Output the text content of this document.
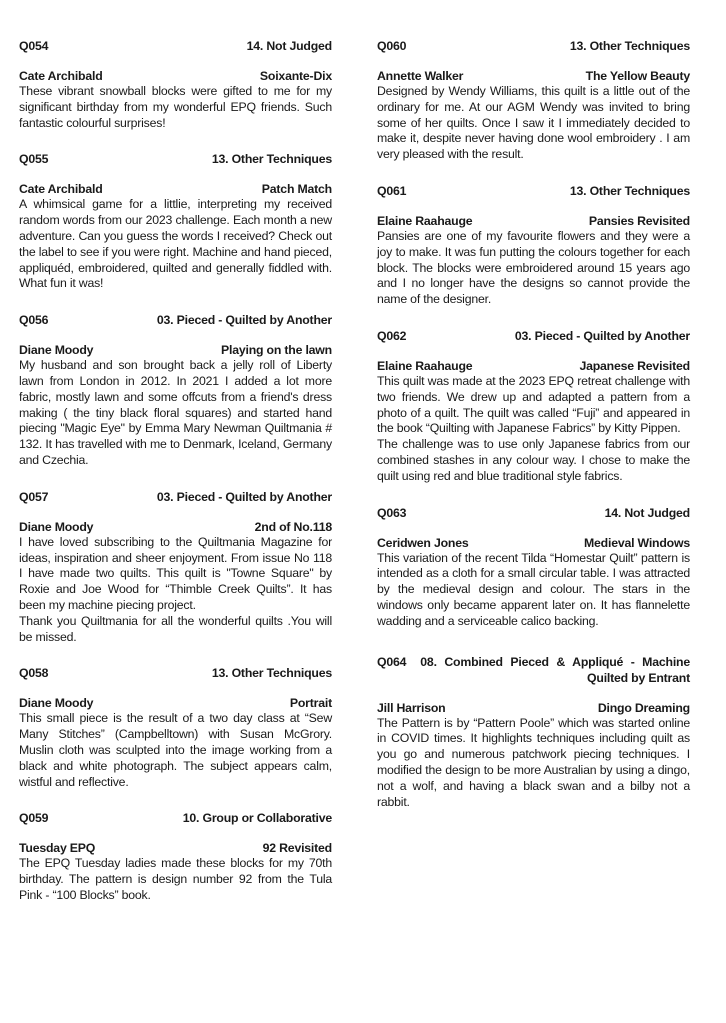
Q054	14. Not Judged
Cate Archibald	Soixante-Dix

These vibrant snowball blocks were gifted to me for my significant birthday from my wonderful EPQ friends. Such fantastic colourful surprises!

Q055	13. Other Techniques
Cate Archibald	Patch Match

A whimsical game for a littlie, interpreting my received random words from our 2023 challenge. Each month a new adventure. Can you guess the words I received? Check out the label to see if you were right. Machine and hand pieced, appliquéd, embroidered, quilted and generally fiddled with. What fun it was!

Q056	03. Pieced - Quilted by Another
Diane Moody	Playing on the lawn

My husband and son brought back a jelly roll of Liberty lawn from London in 2012. In 2021 I added a lot more fabric, mostly lawn and some offcuts from a friend's dress making ( the tiny black floral squares) and started hand piecing "Magic Eye" by Emma Mary Newman Quiltmania # 132. It has travelled with me to Denmark, Iceland, Germany and Czechia.

Q057	03. Pieced - Quilted by Another
Diane Moody	2nd of No.118

I have loved subscribing to the Quiltmania Magazine for ideas, inspiration and sheer enjoyment. From issue No 118 I have made two quilts. This quilt is "Towne Square" by Roxie and Joe Wood for “Thimble Creek Quilts”. It has been my machine piecing project.

Thank you Quiltmania for all the wonderful quilts .You will be missed.

Q058	13. Other Techniques
Diane Moody	Portrait

This small piece is the result of a two day class at “Sew Many Stitches” (Campbelltown) with Susan McGrory. Muslin cloth was sculpted into the image working from a black and white photograph. The subject appears calm, wistful and reflective.

Q059	10. Group or Collaborative
Tuesday EPQ	92 Revisited

The EPQ Tuesday ladies made these blocks for my 70th birthday. The pattern is design number 92 from the Tula Pink - “100 Blocks” book.

Q060	13. Other Techniques
Annette Walker	The Yellow Beauty

Designed by Wendy Williams, this quilt is a little out of the ordinary for me. At our AGM Wendy was invited to bring some of her quilts. Once I saw it I immediately decided to make it, despite never having done wool embroidery . I am very pleased with the result.

Q061	13. Other Techniques
Elaine Raahauge	Pansies Revisited

Pansies are one of my favourite flowers and they were a joy to make. It was fun putting the colours together for each block. The blocks were embroidered around 15 years ago and I no longer have the designs so cannot provide the name of the designer.

Q062	03. Pieced - Quilted by Another
Elaine Raahauge	Japanese Revisited

This quilt was made at the 2023 EPQ retreat challenge with two friends. We drew up and adapted a pattern from a photo of a quilt. The quilt was called “Fuji” and appeared in the book “Quilting with Japanese Fabrics” by Kitty Pippen.

The challenge was to use only Japanese fabrics from our combined stashes in any colour way. I chose to make the quilt using red and blue traditional style fabrics.

Q063	14. Not Judged
Ceridwen Jones	Medieval Windows

This variation of the recent Tilda “Homestar Quilt” pattern is intended as a cloth for a small circular table. I was attracted by the medieval design and colour. The stars in the windows only became apparent later on. It has flannelette wadding and a serviceable calico backing.

Q064 08. Combined Pieced & Appliqué - Machine Quilted by Entrant
Jill Harrison	Dingo Dreaming

The Pattern is by “Pattern Poole” which was started online in COVID times. It highlights techniques including quilt as you go and numerous patchwork piecing techniques. I modified the design to be more Australian by using a dingo, not a wolf, and having a black swan and a bilby not a rabbit.
